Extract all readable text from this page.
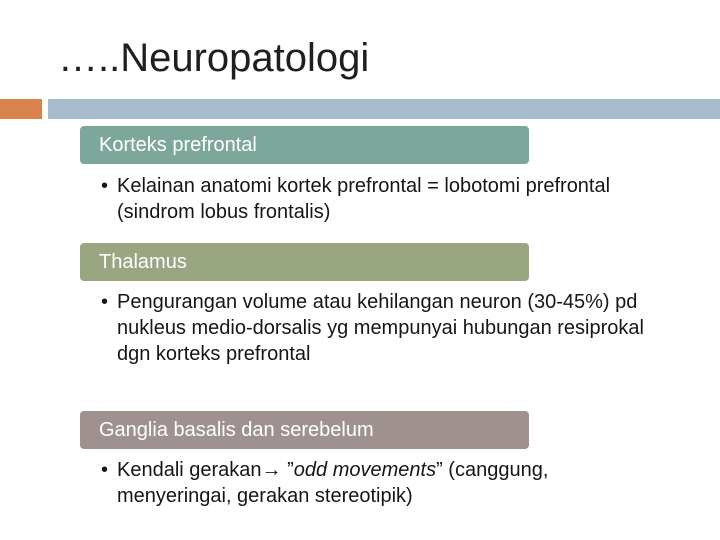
…..Neuropatologi
Korteks prefrontal
• Kelainan anatomi kortek prefrontal = lobotomi prefrontal (sindrom lobus frontalis)
Thalamus
• Pengurangan volume atau kehilangan neuron (30-45%) pd nukleus medio-dorsalis yg mempunyai hubungan resiprokal dgn korteks prefrontal
Ganglia basalis dan serebelum
• Kendali gerakan→ ”odd movements” (canggung, menyeringai, gerakan stereotipik)
